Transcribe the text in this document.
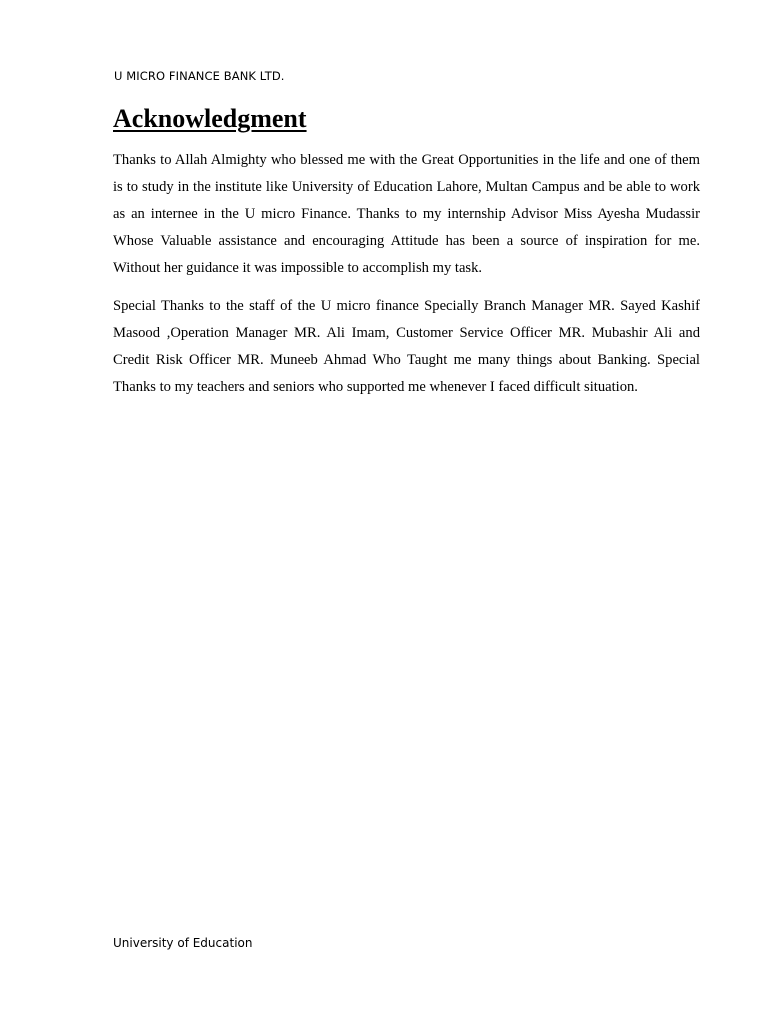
U MICRO FINANCE BANK LTD.
Acknowledgment

Thanks to Allah Almighty who blessed me with the Great Opportunities in the life and one of them is to study in the institute like University of Education Lahore, Multan Campus and be able to work as an internee in the U micro Finance. Thanks to my internship Advisor Miss Ayesha Mudassir Whose Valuable assistance and encouraging Attitude has been a source of inspiration for me. Without her guidance it was impossible to accomplish my task.

Special Thanks to the staff of the U micro finance Specially Branch Manager MR. Sayed Kashif Masood ,Operation Manager MR. Ali Imam, Customer Service Officer MR. Mubashir Ali and Credit Risk Officer MR. Muneeb Ahmad Who Taught me many things about Banking. Special Thanks to my teachers and seniors who supported me whenever I faced difficult situation.

University of Education
